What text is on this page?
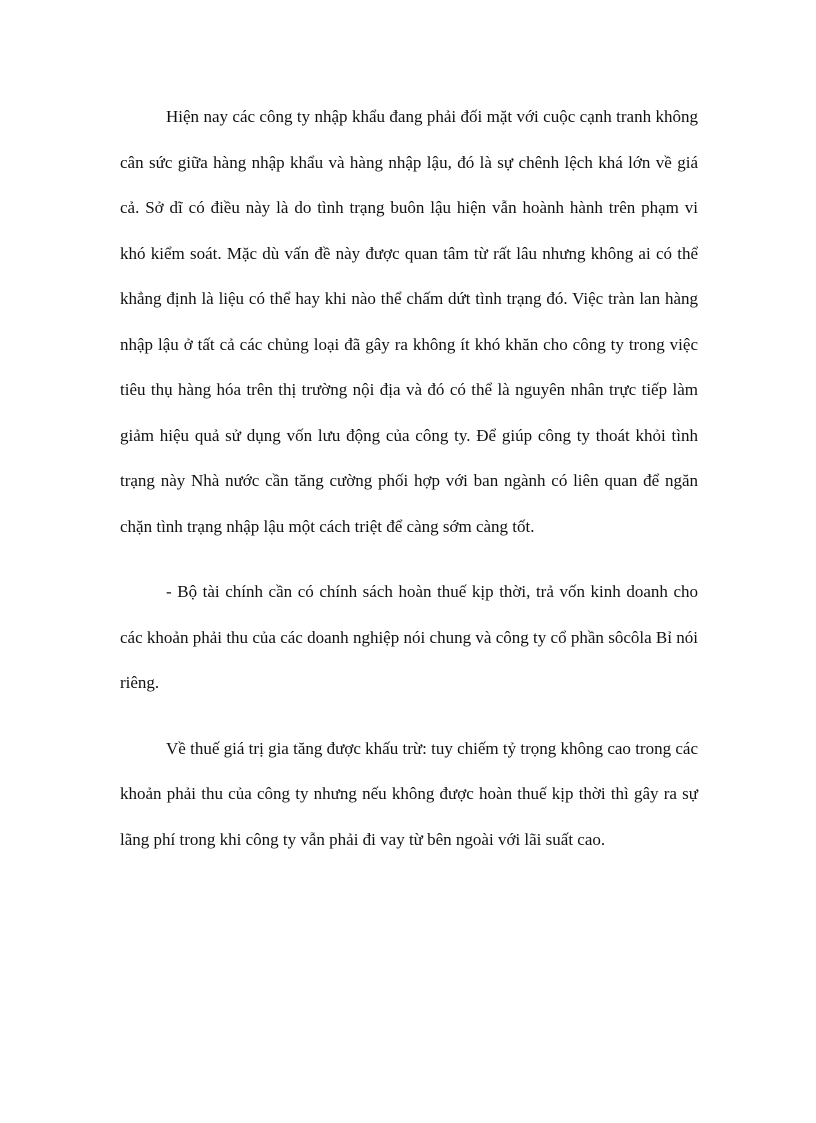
Hiện nay các công ty nhập khẩu đang phải đối mặt với cuộc cạnh tranh không cân sức giữa hàng nhập khẩu và hàng nhập lậu, đó là sự chênh lệch khá lớn về giá cả. Sở dĩ có điều này là do tình trạng buôn lậu hiện vẫn hoành hành trên phạm vi khó kiểm soát. Mặc dù vấn đề này được quan tâm từ rất lâu nhưng không ai có thể khẳng định là liệu có thể hay khi nào thể chấm dứt tình trạng đó. Việc tràn lan hàng nhập lậu ở tất cả các chủng loại đã gây ra không ít khó khăn cho công ty trong việc tiêu thụ hàng hóa trên thị trường nội địa và đó có thể là nguyên nhân trực tiếp làm giảm hiệu quả sử dụng vốn lưu động của công ty. Để giúp công ty thoát khỏi tình trạng này Nhà nước cần tăng cường phối hợp với ban ngành có liên quan để ngăn chặn tình trạng nhập lậu một cách triệt để càng sớm càng tốt.

- Bộ tài chính cần có chính sách hoàn thuế kịp thời, trả vốn kinh doanh cho các khoản phải thu của các doanh nghiệp nói chung và công ty cổ phần sôcôla Bỉ nói riêng.

Về thuế giá trị gia tăng được khấu trừ: tuy chiếm tỷ trọng không cao trong các khoản phải thu của công ty nhưng nếu không được hoàn thuế kịp thời thì gây ra sự lãng phí trong khi công ty vẫn phải đi vay từ bên ngoài với lãi suất cao.
